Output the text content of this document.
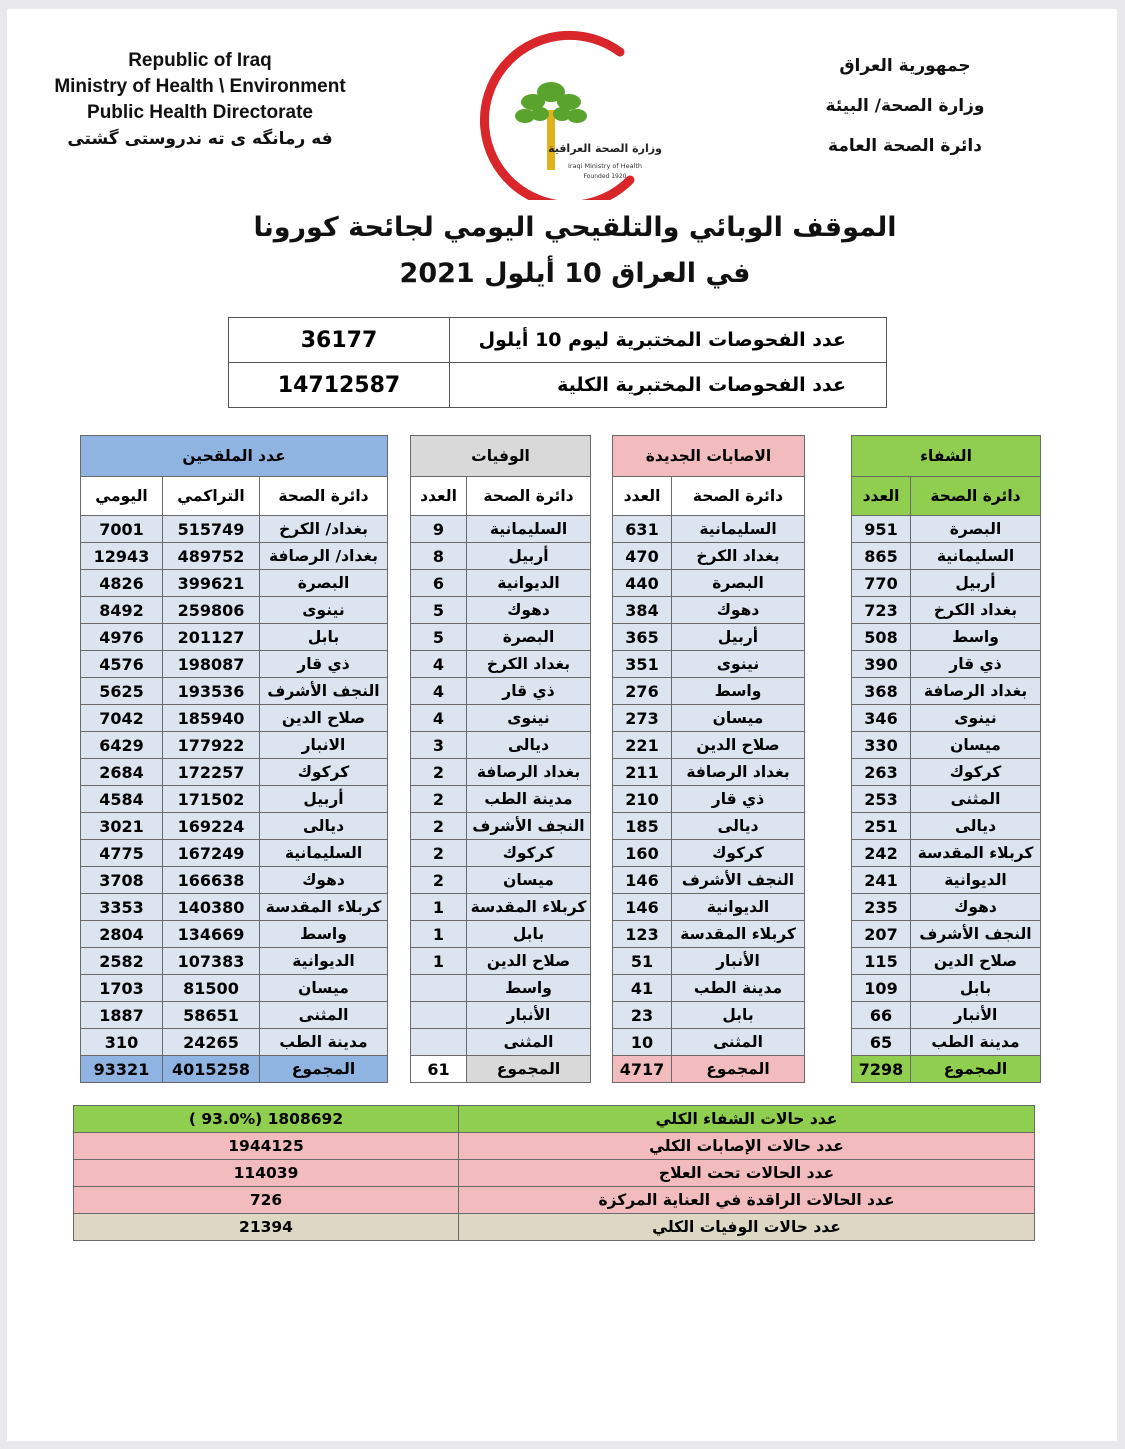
Republic of Iraq
Ministry of Health \ Environment
Public Health Directorate
فه رمانگه ى ته ندروستى گشتى	وزارة الصحة العراقية
Iraqi Ministry of Health
Founded 1920
جمهورية العراق
وزارة الصحة/ البيئة
دائرة الصحة العامة
الموقف الوبائي والتلقيحي اليومي لجائحة كورونا
في العراق 10 أيلول 2021
36177	عدد الفحوصات المختبرية ليوم 10 أيلول
14712587	عدد الفحوصات المختبرية الكلية
عدد الملقحين		
اليومي	التراكمي	دائرة الصحة
7001	515749	بغداد/ الكرخ
12943	489752	بغداد/ الرصافة
4826	399621	البصرة
8492	259806	نينوى
4976	201127	بابل
4576	198087	ذي قار
5625	193536	النجف الأشرف
7042	185940	صلاح الدين
6429	177922	الانبار
2684	172257	كركوك
4584	171502	أربيل
3021	169224	ديالى
4775	167249	السليمانية
3708	166638	دهوك
3353	140380	كربلاء المقدسة
2804	134669	واسط
2582	107383	الديوانية
1703	81500	ميسان
1887	58651	المثنى
310	24265	مدينة الطب
93321	4015258	المجموع
الوفيات	
العدد	دائرة الصحة
9	السليمانية
8	أربيل
6	الديوانية
5	دهوك
5	البصرة
4	بغداد الكرخ
4	ذي قار
4	نينوى
3	ديالى
2	بغداد الرصافة
2	مدينة الطب
2	النجف الأشرف
2	كركوك
2	ميسان
1	كربلاء المقدسة
1	بابل
1	صلاح الدين
	واسط
	الأنبار
	المثنى
61	المجموع
الاصابات الجديدة	
العدد	دائرة الصحة
631	السليمانية
470	بغداد الكرخ
440	البصرة
384	دهوك
365	أربيل
351	نينوى
276	واسط
273	ميسان
221	صلاح الدين
211	بغداد الرصافة
210	ذي قار
185	ديالى
160	كركوك
146	النجف الأشرف
146	الديوانية
123	كربلاء المقدسة
51	الأنبار
41	مدينة الطب
23	بابل
10	المثنى
4717	المجموع
الشفاء	
العدد	دائرة الصحة
951	البصرة
865	السليمانية
770	أربيل
723	بغداد الكرخ
508	واسط
390	ذي قار
368	بغداد الرصافة
346	نينوى
330	ميسان
263	كركوك
253	المثنى
251	ديالى
242	كربلاء المقدسة
241	الديوانية
235	دهوك
207	النجف الأشرف
115	صلاح الدين
109	بابل
66	الأنبار
65	مدينة الطب
7298	المجموع
( 93.0%) 1808692	عدد حالات الشفاء الكلي
1944125	عدد حالات الإصابات الكلي
114039	عدد الحالات تحت العلاج
726	عدد الحالات الراقدة في العناية المركزة
21394	عدد حالات الوفيات الكلي
